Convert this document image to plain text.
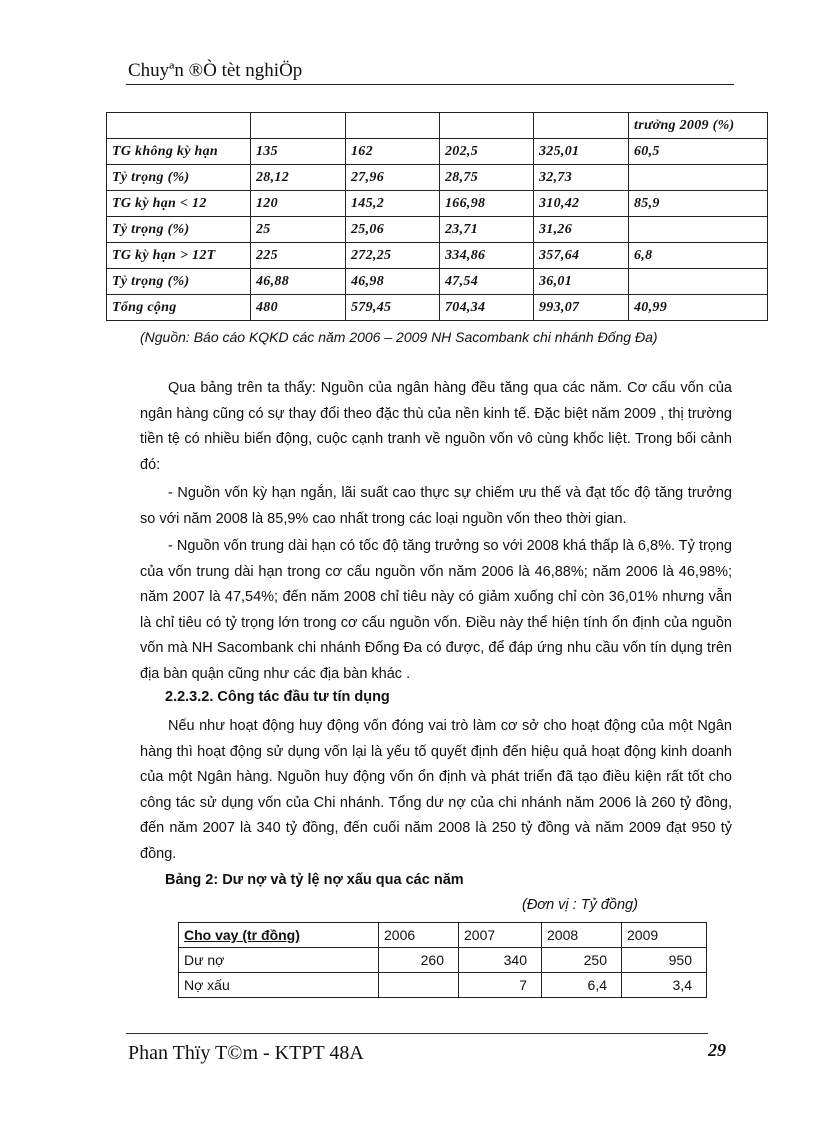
Chuyªn ®Ò tèt nghiÖp
					trưởng 2009 (%)
TG không kỳ hạn	135	162	202,5	325,01	60,5
Tỷ trọng (%)	28,12	27,96	28,75	32,73	
TG kỳ hạn < 12	120	145,2	166,98	310,42	85,9
Tỷ trọng (%)	25	25,06	23,71	31,26	
TG kỳ hạn > 12T	225	272,25	334,86	357,64	6,8
Tỷ trọng (%)	46,88	46,98	47,54	36,01	
Tổng cộng	480	579,45	704,34	993,07	40,99
(Nguồn: Báo cáo KQKD các năm 2006 – 2009 NH Sacombank chi nhánh Đống Đa)
Qua bảng trên ta thấy: Nguồn của ngân hàng đều tăng qua các năm. Cơ cấu vốn của ngân hàng cũng có sự thay đổi theo đặc thù của nền kinh tế. Đặc biệt năm 2009 , thị trường tiền tệ có nhiều biến động, cuộc cạnh tranh về nguồn vốn vô cùng khốc liệt. Trong bối cảnh đó:
- Nguồn vốn kỳ hạn ngắn, lãi suất cao thực sự chiếm ưu thế và đạt tốc độ tăng trưởng so với năm 2008 là 85,9% cao nhất trong các loại nguồn vốn theo thời gian.
- Nguồn vốn trung dài hạn có tốc độ tăng trưởng so với 2008 khá thấp là 6,8%. Tỷ trọng của vốn trung dài hạn trong cơ cấu nguồn vốn năm 2006 là 46,88%; năm 2006 là 46,98%; năm 2007 là 47,54%; đến năm 2008 chỉ tiêu này có giảm xuống chỉ còn 36,01% nhưng vẫn là chỉ tiêu có tỷ trọng lớn trong cơ cấu nguồn vốn. Điều này thể hiện tính ổn định của nguồn vốn mà NH Sacombank chi nhánh Đống Đa có được, để đáp ứng nhu cầu vốn tín dụng trên địa bàn quận cũng như các địa bàn khác .
2.2.3.2. Công tác đầu tư tín dụng
Nếu như hoạt động huy động vốn đóng vai trò làm cơ sở cho hoạt động của một Ngân hàng thì hoạt động sử dụng vốn lại là yếu tố quyết định đến hiệu quả hoạt động kinh doanh của một Ngân hàng. Nguồn huy động vốn ổn định và phát triển đã tạo điều kiện rất tốt cho công tác sử dụng vốn của Chi nhánh. Tổng dư nợ của chi nhánh năm 2006 là 260 tỷ đồng, đến năm 2007 là 340 tỷ đồng, đến cuối năm 2008 là 250 tỷ đồng và năm 2009 đạt 950 tỷ đồng.
Bảng 2: Dư nợ và tỷ lệ nợ xấu qua các năm
(Đơn vị : Tỷ đồng)
Cho vay (tr đồng)	2006	2007	2008	2009
Dư nợ	260	340	250	950
Nợ xấu		7	6,4	3,4
Phan Thïy T©m - KTPT 48A	29
